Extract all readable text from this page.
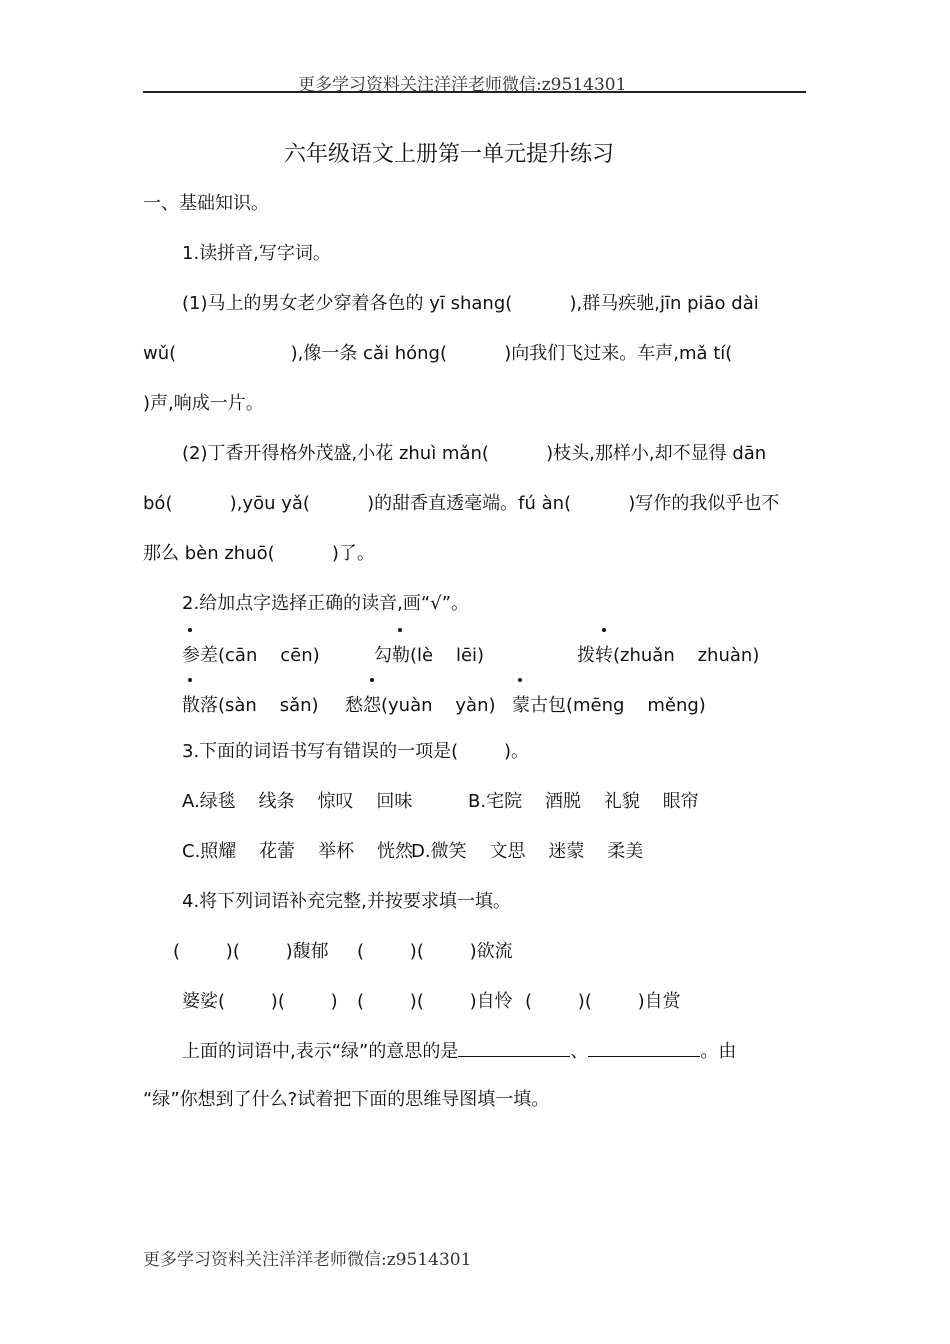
更多学习资料关注洋洋老师微信:z9514301
六年级语文上册第一单元提升练习
一、基础知识。
1.读拼音,写字词。
(1)马上的男女老少穿着各色的 yī shang(          ),群马疾驰,jīn piāo dài
wǔ(                    ),像一条 cǎi hóng(          )向我们飞过来。车声,mǎ tí(
)声,响成一片。
(2)丁香开得格外茂盛,小花 zhuì mǎn(          )枝头,那样小,却不显得 dān
bó(          ),yōu yǎ(          )的甜香直透毫端。fú àn(          )写作的我似乎也不
那么 bèn zhuō(          )了。
2.给加点字选择正确的读音,画“√”。
参差(cān    cēn)	勾勒(lè    lēi)	拨转(zhuǎn    zhuàn)
散落(sàn    sǎn) 愁怨(yuàn    yàn) 蒙古包(mēng    měng)
3.下面的词语书写有错误的一项是(        )。
A.绿毯    线条    惊叹    回味	B.宅院    酒脱    礼貌    眼帘
C.照耀    花蕾    举杯    恍然
D.微笑    文思    迷蒙    柔美
4.将下列词语补充完整,并按要求填一填。
(        )(        )馥郁 (        )(        )欲流
婆娑(        )(        ) (        )(        )自怜 (        )(        )自赏
上面的词语中,表示“绿”的意思的是	、	。由
“绿”你想到了什么?试着把下面的思维导图填一填。
更多学习资料关注洋洋老师微信:z9514301
